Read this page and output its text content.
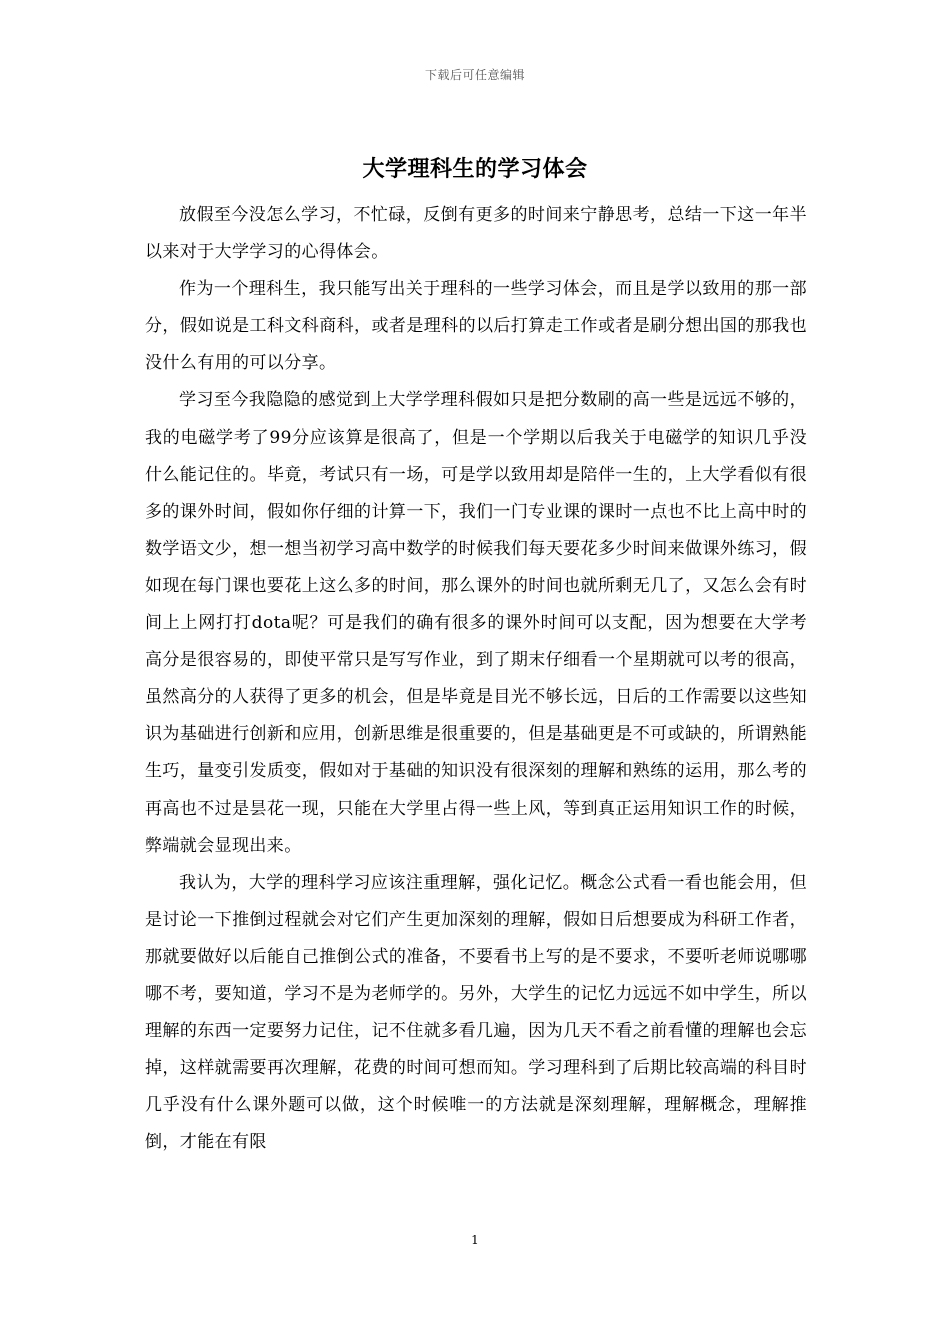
下载后可任意编辑
大学理科生的学习体会

放假至今没怎么学习，不忙碌，反倒有更多的时间来宁静思考，总结一下这一年半以来对于大学学习的心得体会。

作为一个理科生，我只能写出关于理科的一些学习体会，而且是学以致用的那一部分，假如说是工科文科商科，或者是理科的以后打算走工作或者是刷分想出国的那我也没什么有用的可以分享。

学习至今我隐隐的感觉到上大学学理科假如只是把分数刷的高一些是远远不够的，我的电磁学考了99分应该算是很高了，但是一个学期以后我关于电磁学的知识几乎没什么能记住的。毕竟，考试只有一场，可是学以致用却是陪伴一生的，上大学看似有很多的课外时间，假如你仔细的计算一下，我们一门专业课的课时一点也不比上高中时的数学语文少，想一想当初学习高中数学的时候我们每天要花多少时间来做课外练习，假如现在每门课也要花上这么多的时间，那么课外的时间也就所剩无几了，又怎么会有时间上上网打打dota呢？可是我们的确有很多的课外时间可以支配，因为想要在大学考高分是很容易的，即使平常只是写写作业，到了期末仔细看一个星期就可以考的很高，虽然高分的人获得了更多的机会，但是毕竟是目光不够长远，日后的工作需要以这些知识为基础进行创新和应用，创新思维是很重要的，但是基础更是不可或缺的，所谓熟能生巧，量变引发质变，假如对于基础的知识没有很深刻的理解和熟练的运用，那么考的再高也不过是昙花一现，只能在大学里占得一些上风，等到真正运用知识工作的时候，弊端就会显现出来。

我认为，大学的理科学习应该注重理解，强化记忆。概念公式看一看也能会用，但是讨论一下推倒过程就会对它们产生更加深刻的理解，假如日后想要成为科研工作者，那就要做好以后能自己推倒公式的准备，不要看书上写的是不要求，不要听老师说哪哪哪不考，要知道，学习不是为老师学的。另外，大学生的记忆力远远不如中学生，所以理解的东西一定要努力记住，记不住就多看几遍，因为几天不看之前看懂的理解也会忘掉，这样就需要再次理解，花费的时间可想而知。学习理科到了后期比较高端的科目时几乎没有什么课外题可以做，这个时候唯一的方法就是深刻理解，理解概念，理解推倒，才能在有限

1
